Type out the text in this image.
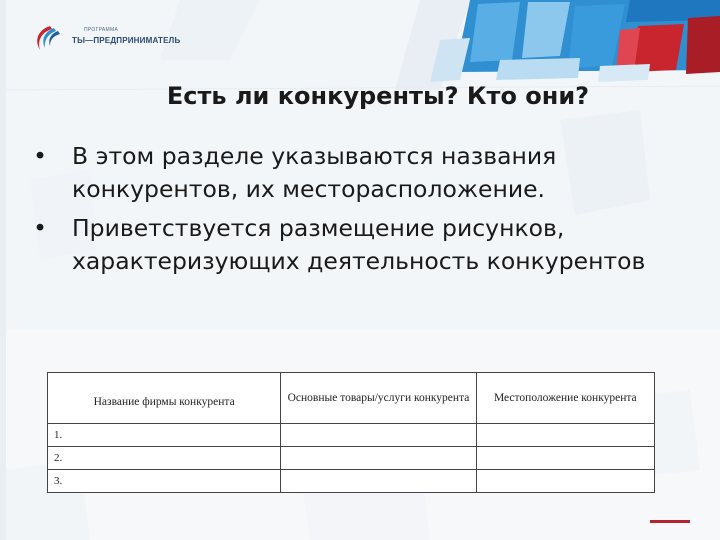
ПРОГРАММА
ТЫ—ПРЕДПРИНИМАТЕЛЬ
Есть ли конкуренты? Кто они?
• В этом разделе указываются названия конкурентов, их месторасположение.
• Приветствуется размещение рисунков, характеризующих деятельность конкурентов
Название фирмы конкурента	Основные товары/услуги конкурента	Местоположение конкурента
1.		
2.		
3.		
